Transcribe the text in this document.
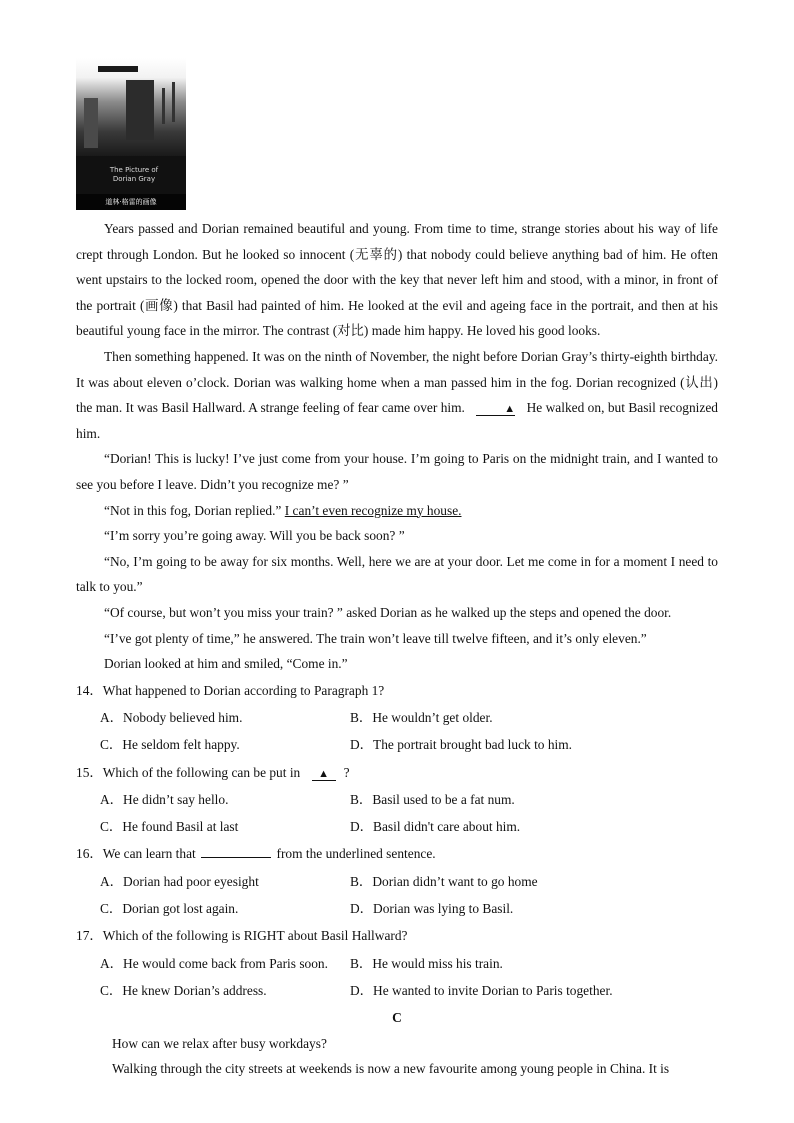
The Picture of
Dorian Gray
道林·格雷的画像

Years passed and Dorian remained beautiful and young. From time to time, strange stories about his way of life crept through London. But he looked so innocent (无辜的) that nobody could believe anything bad of him. He often went upstairs to the locked room, opened the door with the key that never left him and stood, with a minor, in front of the portrait (画像) that Basil had painted of him. He looked at the evil and ageing face in the portrait, and then at his beautiful young face in the mirror. The contrast (对比) made him happy. He loved his good looks.

Then something happened. It was on the ninth of November, the night before Dorian Gray’s thirty-eighth birthday. It was about eleven o’clock. Dorian was walking home when a man passed him in the fog. Dorian recognized (认出) the man. It was Basil Hallward. A strange feeling of fear came over him.	▲ He walked on, but Basil recognized him.

“Dorian! This is lucky! I’ve just come from your house. I’m going to Paris on the midnight train, and I wanted to see you before I leave. Didn’t you recognize me? ”

“Not in this fog, Dorian replied.” I can’t even recognize my house.

“I’m sorry you’re going away. Will you be back soon? ”

“No, I’m going to be away for six months. Well, here we are at your door. Let me come in for a moment I need to talk to you.”

“Of course, but won’t you miss your train? ” asked Dorian as he walked up the steps and opened the door.

“I’ve got plenty of time,” he answered. The train won’t leave till twelve fifteen, and it’s only eleven.”

Dorian looked at him and smiled, “Come in.”

14．What happened to Dorian according to Paragraph 1?

A．Nobody believed him.	B．He wouldn’t get older.
C．He seldom felt happy.	D．The portrait brought bad luck to him.

15．Which of the following can be put in ▲ ?

A．He didn’t say hello.	B．Basil used to be a fat num.
C．He found Basil at last	D．Basil didn't care about him.

16．We can learn that	from the underlined sentence.

A．Dorian had poor eyesight	B．Dorian didn’t want to go home
C．Dorian got lost again.	D．Dorian was lying to Basil.

17．Which of the following is RIGHT about Basil Hallward?

A．He would come back from Paris soon.	B．He would miss his train.
C．He knew Dorian’s address.	D．He wanted to invite Dorian to Paris together.

C

How can we relax after busy workdays?

Walking through the city streets at weekends is now a new favourite among young people in China. It is
